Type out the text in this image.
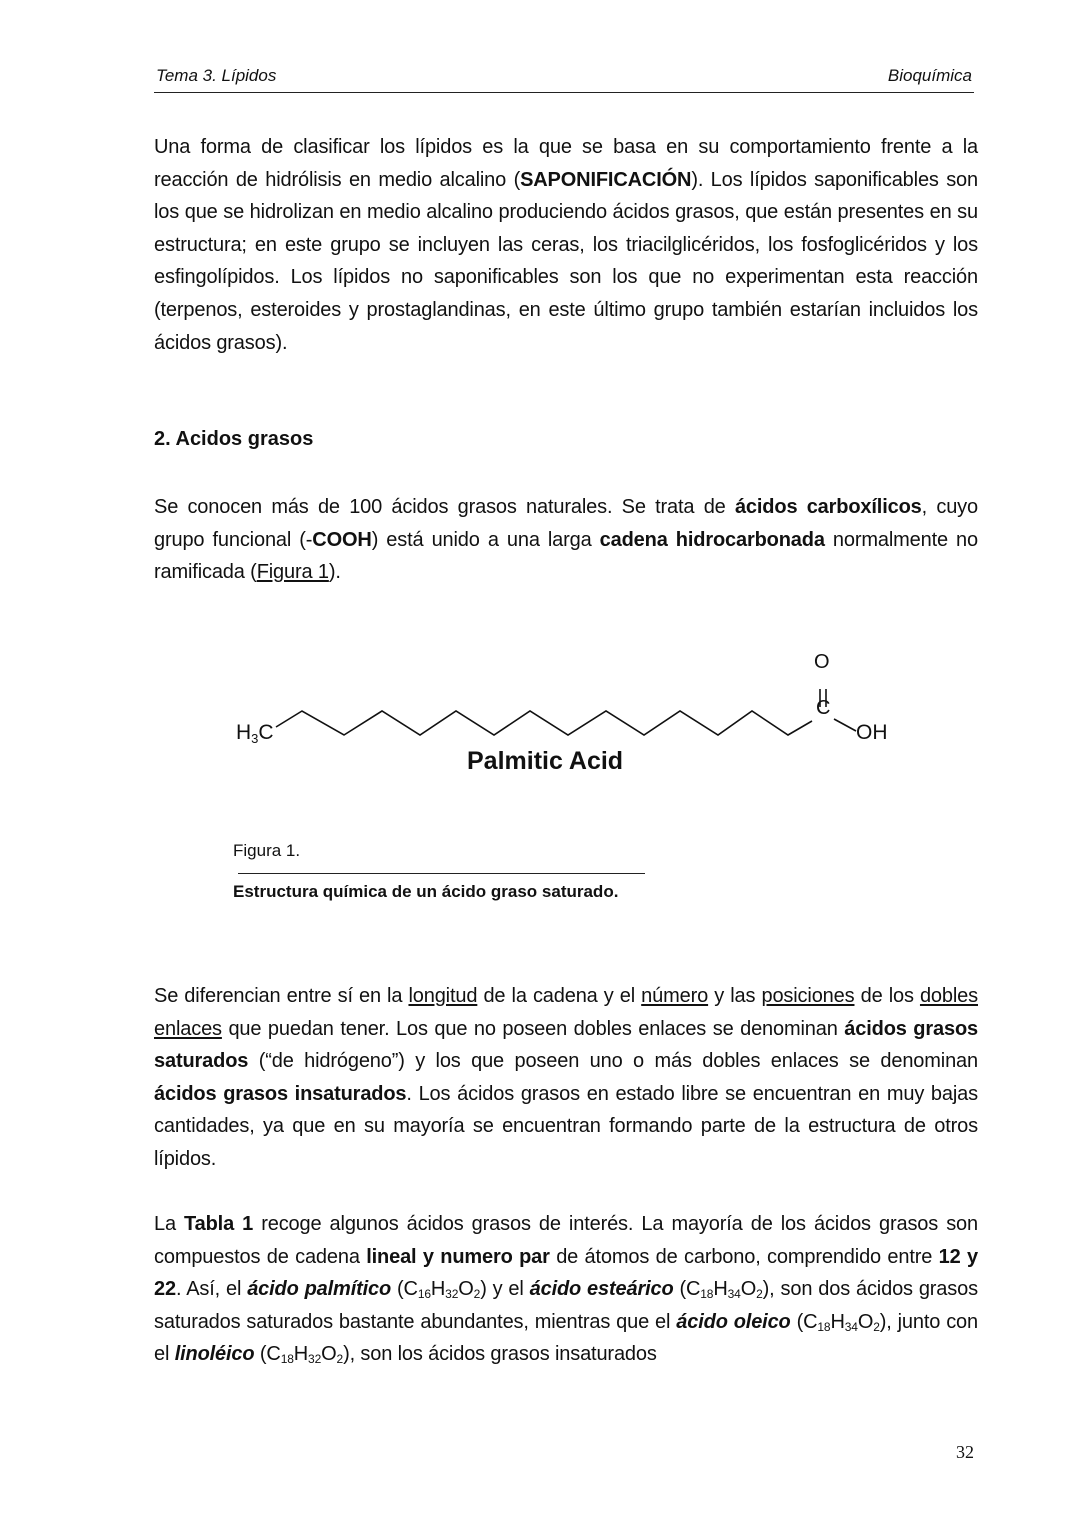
Tema 3. Lípidos	Bioquímica

Una forma de clasificar los lípidos es la que se basa en su comportamiento frente a la reacción de hidrólisis en medio alcalino (SAPONIFICACIÓN). Los lípidos saponificables son los que se hidrolizan en medio alcalino produciendo ácidos grasos, que están presentes en su estructura; en este grupo se incluyen las ceras, los triacilglicéridos, los fosfoglicéridos y los esfingolípidos. Los lípidos no saponificables son los que no experimentan esta reacción (terpenos, esteroides y prostaglandinas, en este último grupo también estarían incluidos los ácidos grasos).

2. Acidos grasos

Se conocen más de 100 ácidos grasos naturales. Se trata de ácidos carboxílicos, cuyo grupo funcional (-COOH) está unido a una larga cadena hidrocarbonada normalmente no ramificada (Figura 1).

$H_3C$
O
C
OH
Palmitic Acid
Figura 1.
Estructura química de un ácido graso saturado.

Se diferencian entre sí en la longitud de la cadena y el número y las posiciones de los dobles enlaces que puedan tener. Los que no poseen dobles enlaces se denominan ácidos grasos saturados (“de hidrógeno”) y los que poseen uno o más dobles enlaces se denominan ácidos grasos insaturados. Los ácidos grasos en estado libre se encuentran en muy bajas cantidades, ya que en su mayoría se encuentran formando parte de la estructura de otros lípidos.

La Tabla 1 recoge algunos ácidos grasos de interés. La mayoría de los ácidos grasos son compuestos de cadena lineal y numero par de átomos de carbono, comprendido entre 12 y 22. Así, el ácido palmítico $(C_{16}H_{32}O_2)$ y el ácido esteárico $(C_{18}H_{34}O_2)$, son dos ácidos grasos saturados saturados bastante abundantes, mientras que el ácido oleico $(C_{18}H_{34}O_2)$, junto con el linoléico $(C_{18}H_{32}O_2)$, son los ácidos grasos insaturados

32
